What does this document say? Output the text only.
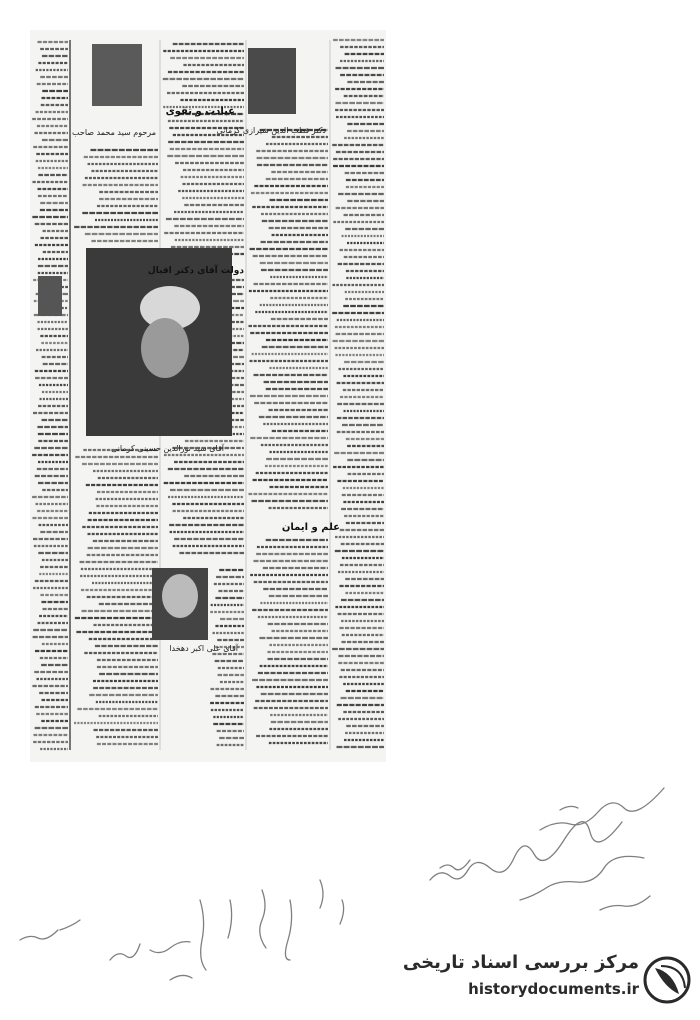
عبادت و تقوی
دولت آقای دکتر اقبال
علم و ایمان
دکتر قطب الدین شیرازی کرمانی
مرحوم سید محمد صاحب
آقای سید نورالدین حسینی کرمانی
آقای علی اکبر دهخدا
مرکز بررسی اسناد تاریخی
historydocuments.ir
